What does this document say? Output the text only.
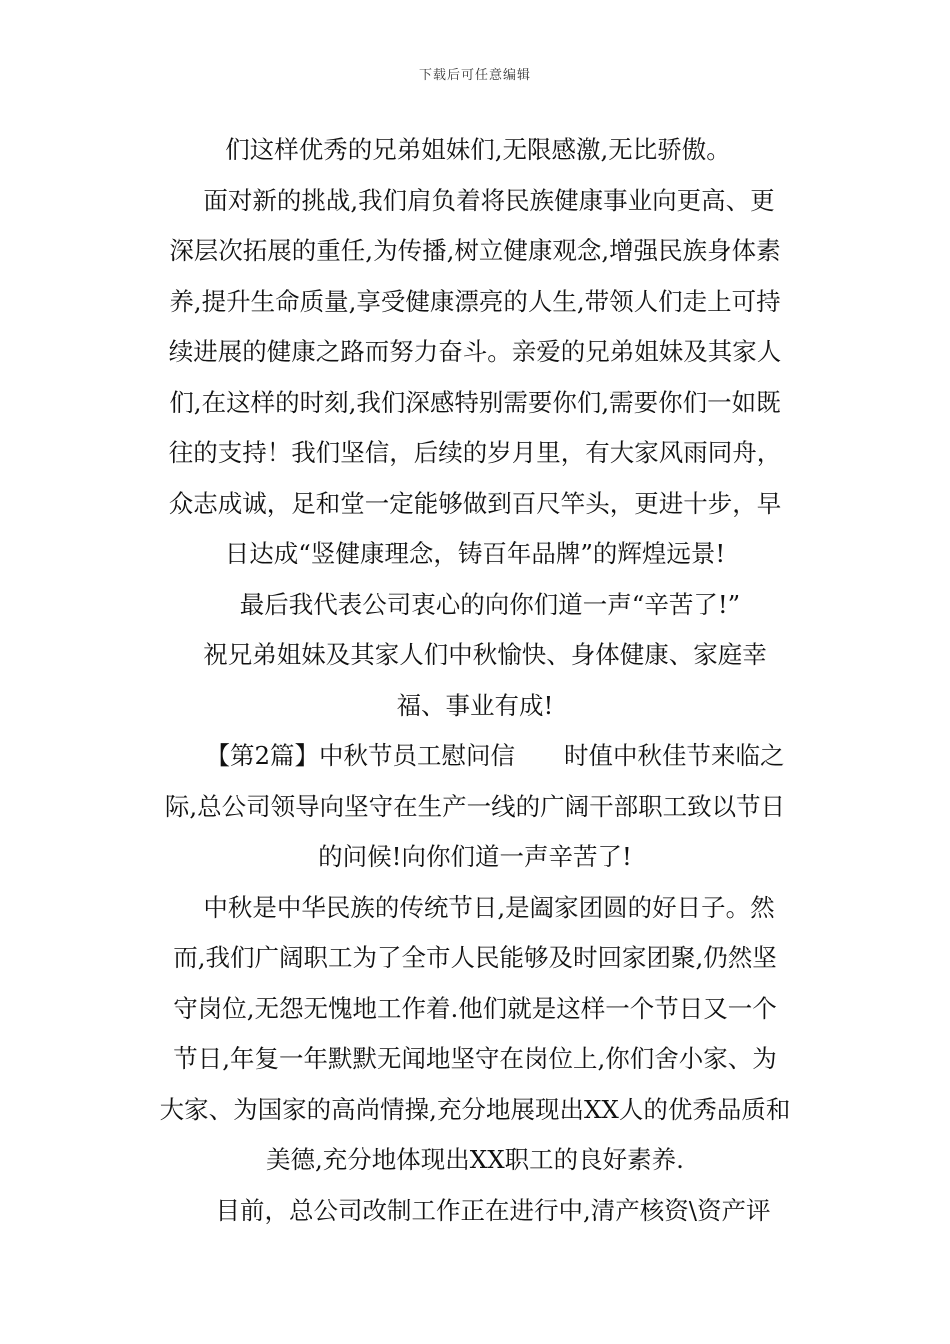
下载后可任意编辑
们这样优秀的兄弟姐妹们,无限感激,无比骄傲。
面对新的挑战,我们肩负着将民族健康事业向更高、更
深层次拓展的重任,为传播,树立健康观念,增强民族身体素
养,提升生命质量,享受健康漂亮的人生,带领人们走上可持
续进展的健康之路而努力奋斗。亲爱的兄弟姐妹及其家人
们,在这样的时刻,我们深感特别需要你们,需要你们一如既
往的支持！我们坚信，后续的岁月里，有大家风雨同舟，
众志成诚，足和堂一定能够做到百尺竿头，更进十步，早
日达成“竖健康理念，铸百年品牌”的辉煌远景!
最后我代表公司衷心的向你们道一声“辛苦了!”
祝兄弟姐妹及其家人们中秋愉快、身体健康、家庭幸
福、事业有成!
【第2篇】中秋节员工慰问信　　时值中秋佳节来临之
际,总公司领导向坚守在生产一线的广阔干部职工致以节日
的问候!向你们道一声辛苦了!
中秋是中华民族的传统节日,是阖家团圆的好日子。然
而,我们广阔职工为了全市人民能够及时回家团聚,仍然坚
守岗位,无怨无愧地工作着.他们就是这样一个节日又一个
节日,年复一年默默无闻地坚守在岗位上,你们舍小家、为
大家、为国家的高尚情操,充分地展现出XX人的优秀品质和
美德,充分地体现出XX职工的良好素养.
目前，总公司改制工作正在进行中,清产核资\资产评
